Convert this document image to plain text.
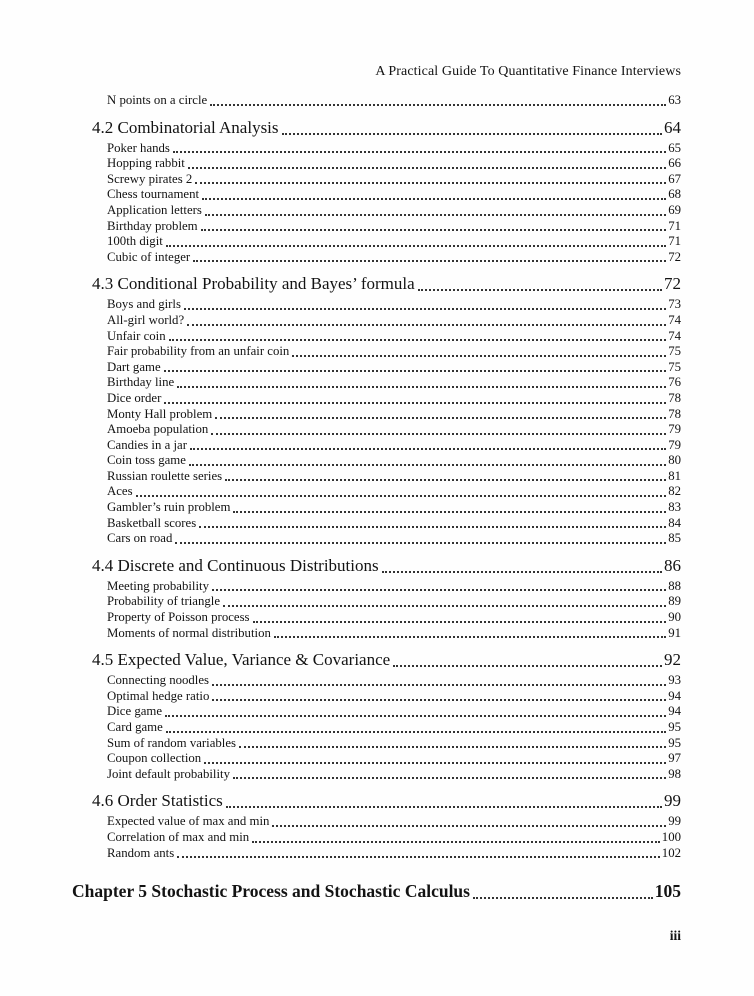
A Practical Guide To Quantitative Finance Interviews
N points on a circle	63
4.2 Combinatorial Analysis	64
Poker hands	65
Hopping rabbit	66
Screwy pirates 2	67
Chess tournament	68
Application letters	69
Birthday problem	71
100th digit	71
Cubic of integer	72
4.3 Conditional Probability and Bayes’ formula	72
Boys and girls	73
All-girl world?	74
Unfair coin	74
Fair probability from an unfair coin	75
Dart game	75
Birthday line	76
Dice order	78
Monty Hall problem	78
Amoeba population	79
Candies in a jar	79
Coin toss game	80
Russian roulette series	81
Aces	82
Gambler’s ruin problem	83
Basketball scores	84
Cars on road	85
4.4 Discrete and Continuous Distributions	86
Meeting probability	88
Probability of triangle	89
Property of Poisson process	90
Moments of normal distribution	91
4.5 Expected Value, Variance & Covariance	92
Connecting noodles	93
Optimal hedge ratio	94
Dice game	94
Card game	95
Sum of random variables	95
Coupon collection	97
Joint default probability	98
4.6 Order Statistics	99
Expected value of max and min	99
Correlation of max and min	100
Random ants	102
Chapter 5 Stochastic Process and Stochastic Calculus	105
iii
